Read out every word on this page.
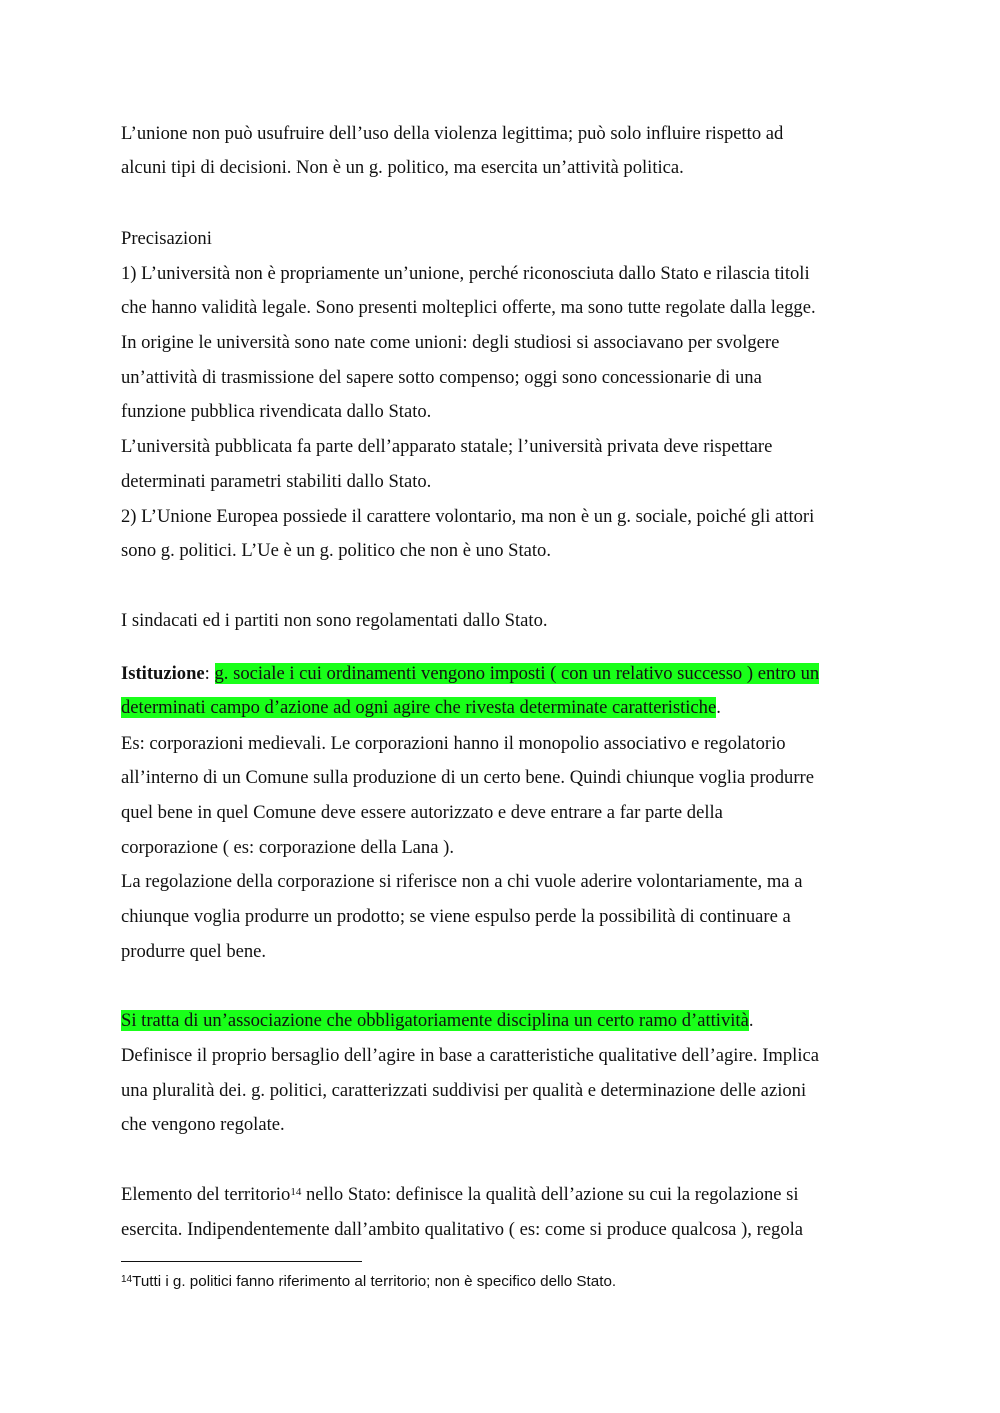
L’unione non può usufruire dell’uso della violenza legittima; può solo influire rispetto ad
alcuni tipi di decisioni. Non è un g. politico, ma esercita un’attività politica.
Precisazioni
1) L’università non è propriamente un’unione, perché riconosciuta dallo Stato e rilascia titoli
che hanno validità legale. Sono presenti molteplici offerte, ma sono tutte regolate dalla legge.
In origine le università sono nate come unioni: degli studiosi si associavano per svolgere
un’attività di trasmissione del sapere sotto compenso; oggi sono concessionarie di una
funzione pubblica rivendicata dallo Stato.
L’università pubblicata fa parte dell’apparato statale; l’università privata deve rispettare
determinati parametri stabiliti dallo Stato.
2) L’Unione Europea possiede il carattere volontario, ma non è un g. sociale, poiché gli attori
sono g. politici. L’Ue è un g. politico che non è uno Stato.
I sindacati ed i partiti non sono regolamentati dallo Stato.
Istituzione: g. sociale i cui ordinamenti vengono imposti ( con un relativo successo ) entro un
determinati campo d’azione ad ogni agire che rivesta determinate caratteristiche.
Es: corporazioni medievali. Le corporazioni hanno il monopolio associativo e regolatorio
all’interno di un Comune sulla produzione di un certo bene. Quindi chiunque voglia produrre
quel bene in quel Comune deve essere autorizzato e deve entrare a far parte della
corporazione ( es: corporazione della Lana ).
La regolazione della corporazione si riferisce non a chi vuole aderire volontariamente, ma a
chiunque voglia produrre un prodotto; se viene espulso perde la possibilità di continuare a
produrre quel bene.
Si tratta di un’associazione che obbligatoriamente disciplina un certo ramo d’attività.
Definisce il proprio bersaglio dell’agire in base a caratteristiche qualitative dell’agire. Implica
una pluralità dei. g. politici, caratterizzati suddivisi per qualità e determinazione delle azioni
che vengono regolate.
Elemento del territorio$^{14}$ nello Stato: definisce la qualità dell’azione su cui la regolazione si
esercita. Indipendentemente dall’ambito qualitativo ( es: come si produce qualcosa ), regola
$^{14}$Tutti i g. politici fanno riferimento al territorio; non è specifico dello Stato.
